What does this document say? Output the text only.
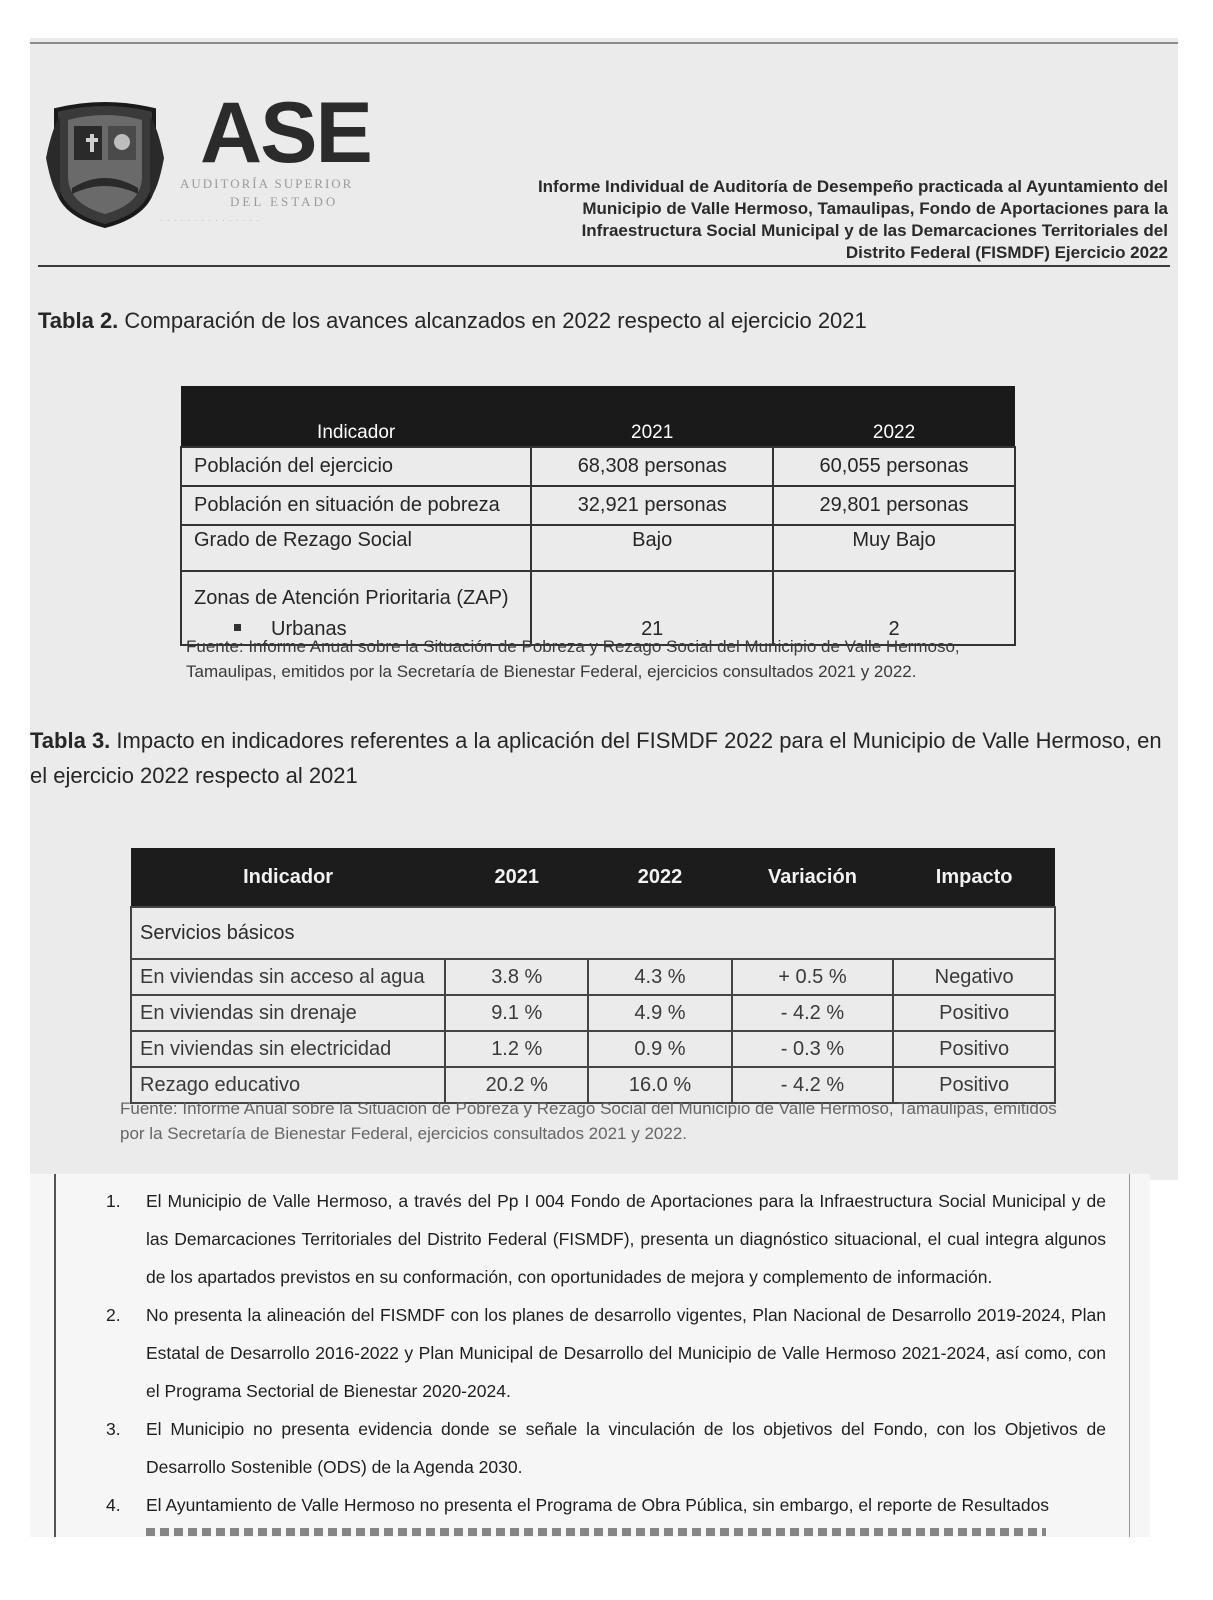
ASE
AUDITORÍA SUPERIOR
DEL ESTADO
· · · · · · · · · · · · · · ·
Informe Individual de Auditoría de Desempeño practicada al Ayuntamiento del Municipio de Valle Hermoso, Tamaulipas, Fondo de Aportaciones para la Infraestructura Social Municipal y de las Demarcaciones Territoriales del Distrito Federal (FISMDF) Ejercicio 2022
Tabla 2. Comparación de los avances alcanzados en 2022 respecto al ejercicio 2021
Indicador	2021	2022
Población del ejercicio	68,308 personas	60,055 personas
Población en situación de pobreza	32,921 personas	29,801 personas
Grado de Rezago Social	Bajo	Muy Bajo

Zonas de Atención Prioritaria (ZAP)
Urbanas	21	2
Fuente: Informe Anual sobre la Situación de Pobreza y Rezago Social del Municipio de Valle Hermoso, Tamaulipas, emitidos por la Secretaría de Bienestar Federal, ejercicios consultados 2021 y 2022.
Tabla 3. Impacto en indicadores referentes a la aplicación del FISMDF 2022 para el Municipio de Valle Hermoso, en
el ejercicio 2022 respecto al 2021
Indicador	2021	2022	Variación	Impacto
Servicios básicos				
En viviendas sin acceso al agua	3.8 %	4.3 %	+ 0.5 %	Negativo
En viviendas sin drenaje	9.1 %	4.9 %	- 4.2 %	Positivo
En viviendas sin electricidad	1.2 %	0.9 %	- 0.3 %	Positivo
Rezago educativo	20.2 %	16.0 %	- 4.2 %	Positivo
Fuente: Informe Anual sobre la Situación de Pobreza y Rezago Social del Municipio de Valle Hermoso, Tamaulipas, emitidos por la Secretaría de Bienestar Federal, ejercicios consultados 2021 y 2022.
1. El Municipio de Valle Hermoso, a través del Pp I 004 Fondo de Aportaciones para la Infraestructura Social Municipal y de las Demarcaciones Territoriales del Distrito Federal (FISMDF), presenta un diagnóstico situacional, el cual integra algunos de los apartados previstos en su conformación, con oportunidades de mejora y complemento de información.
2. No presenta la alineación del FISMDF con los planes de desarrollo vigentes, Plan Nacional de Desarrollo 2019-2024, Plan Estatal de Desarrollo 2016-2022 y Plan Municipal de Desarrollo del Municipio de Valle Hermoso 2021-2024, así como, con el Programa Sectorial de Bienestar 2020-2024.
3. El Municipio no presenta evidencia donde se señale la vinculación de los objetivos del Fondo, con los Objetivos de Desarrollo Sostenible (ODS) de la Agenda 2030.
4. El Ayuntamiento de Valle Hermoso no presenta el Programa de Obra Pública, sin embargo, el reporte de Resultados
